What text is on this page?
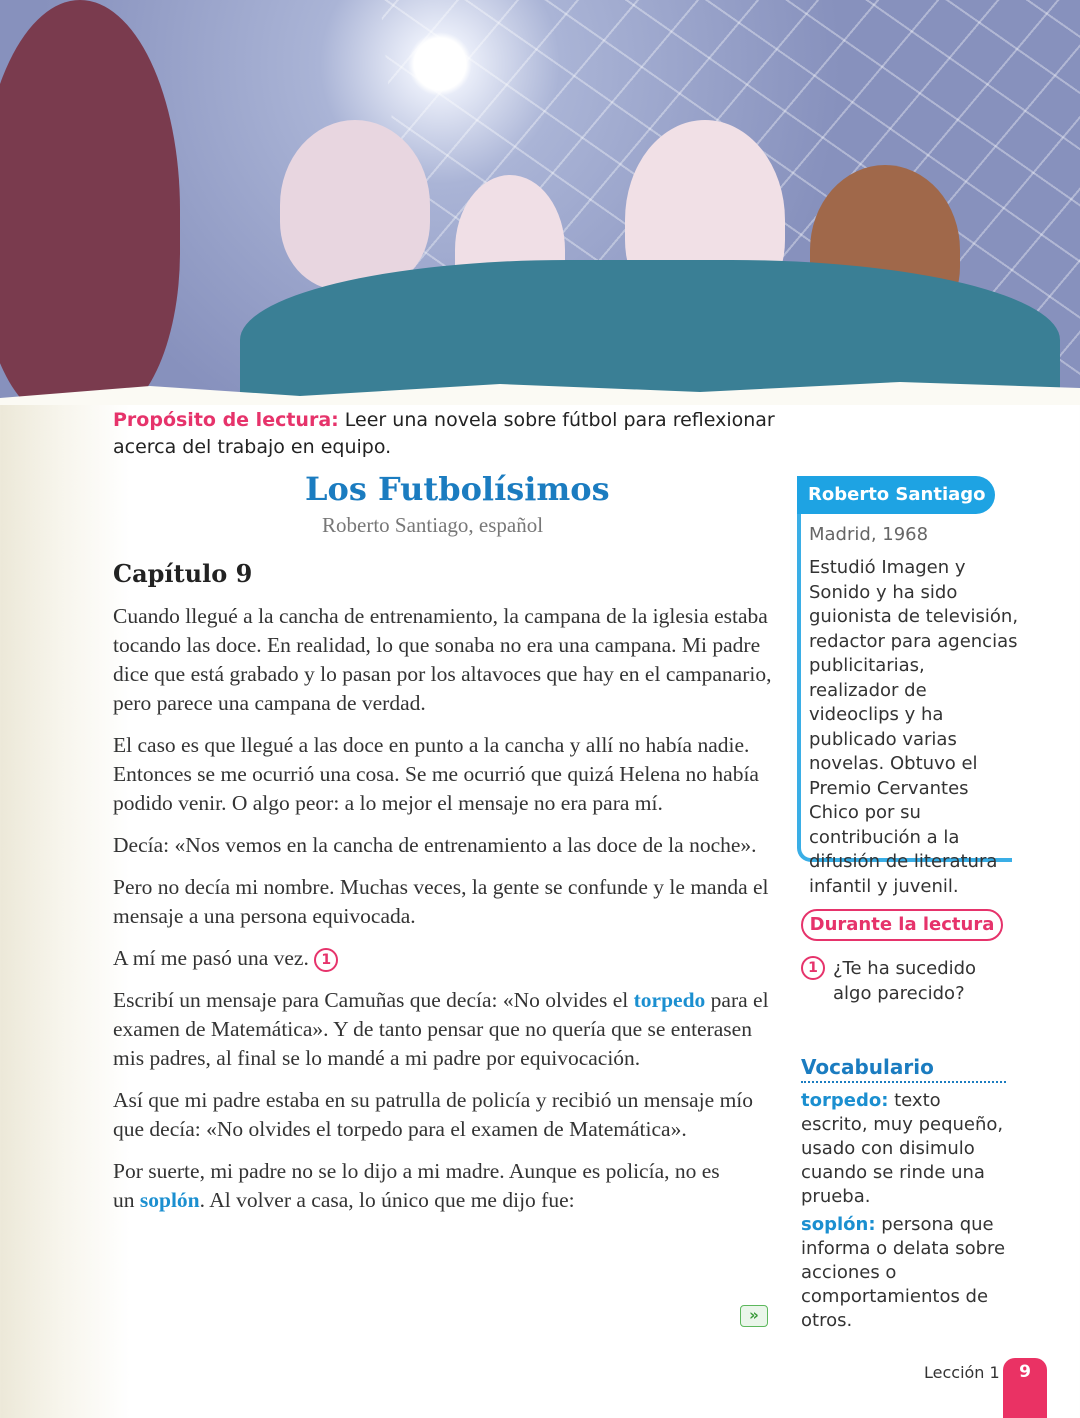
Propósito de lectura: Leer una novela sobre fútbol para reflexionar acerca del trabajo en equipo.
Los Futbolísimos
Roberto Santiago, español
Capítulo 9

Cuando llegué a la cancha de entrenamiento, la campana de la iglesia estaba tocando las doce. En realidad, lo que sonaba no era una campana. Mi padre dice que está grabado y lo pasan por los altavoces que hay en el campanario, pero parece una campana de verdad.

El caso es que llegué a las doce en punto a la cancha y allí no había nadie. Entonces se me ocurrió una cosa. Se me ocurrió que quizá Helena no había podido venir. O algo peor: a lo mejor el mensaje no era para mí.

Decía: «Nos vemos en la cancha de entrenamiento a las doce de la noche».

Pero no decía mi nombre. Muchas veces, la gente se confunde y le manda el mensaje a una persona equivocada.

A mí me pasó una vez. 1

Escribí un mensaje para Camuñas que decía: «No olvides el torpedo para el examen de Matemática». Y de tanto pensar que no quería que se enterasen mis padres, al final se lo mandé a mi padre por equivocación.

Así que mi padre estaba en su patrulla de policía y recibió un mensaje mío que decía: «No olvides el torpedo para el examen de Matemática».

Por suerte, mi padre no se lo dijo a mi madre. Aunque es policía, no es un soplón. Al volver a casa, lo único que me dijo fue:

»
Roberto Santiago
Madrid, 1968
Estudió Imagen y Sonido y ha sido guionista de televisión, redactor para agencias publicitarias, realizador de videoclips y ha publicado varias novelas. Obtuvo el Premio Cervantes Chico por su contribución a la difusión de literatura infantil y juvenil.
Durante la lectura
1 ¿Te ha sucedido algo parecido?
Vocabulario

torpedo: texto escrito, muy pequeño, usado con disimulo cuando se rinde una prueba.

soplón: persona que informa o delata sobre acciones o comportamientos de otros.

Lección 1	9
